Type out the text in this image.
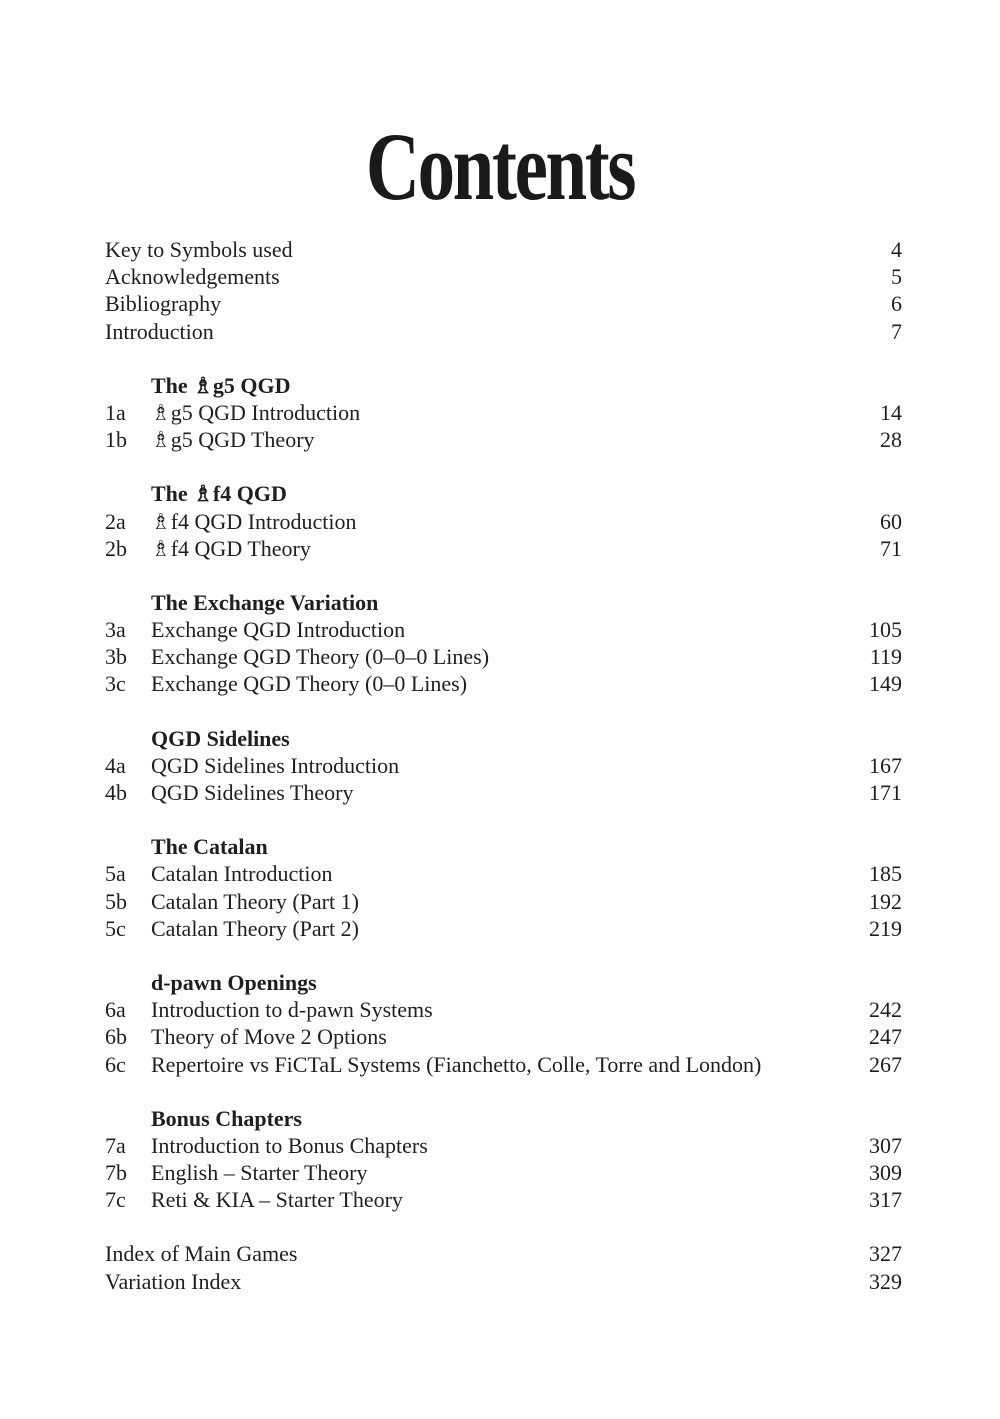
Contents
Key to Symbols used	4
Acknowledgements	5
Bibliography	6
Introduction	7
The ♗g5 QGD
1a ♗g5 QGD Introduction	14
1b ♗g5 QGD Theory	28
The ♗f4 QGD
2a ♗f4 QGD Introduction	60
2b ♗f4 QGD Theory	71
The Exchange Variation
3a Exchange QGD Introduction	105
3b Exchange QGD Theory (0–0–0 Lines)	119
3c Exchange QGD Theory (0–0 Lines)	149
QGD Sidelines
4a QGD Sidelines Introduction	167
4b QGD Sidelines Theory	171
The Catalan
5a Catalan Introduction	185
5b Catalan Theory (Part 1)	192
5c Catalan Theory (Part 2)	219
d-pawn Openings
6a Introduction to d-pawn Systems	242
6b Theory of Move 2 Options	247
6c Repertoire vs FiCTaL Systems (Fianchetto, Colle, Torre and London)	267
Bonus Chapters
7a Introduction to Bonus Chapters	307
7b English – Starter Theory	309
7c Reti & KIA – Starter Theory	317
Index of Main Games	327
Variation Index	329
